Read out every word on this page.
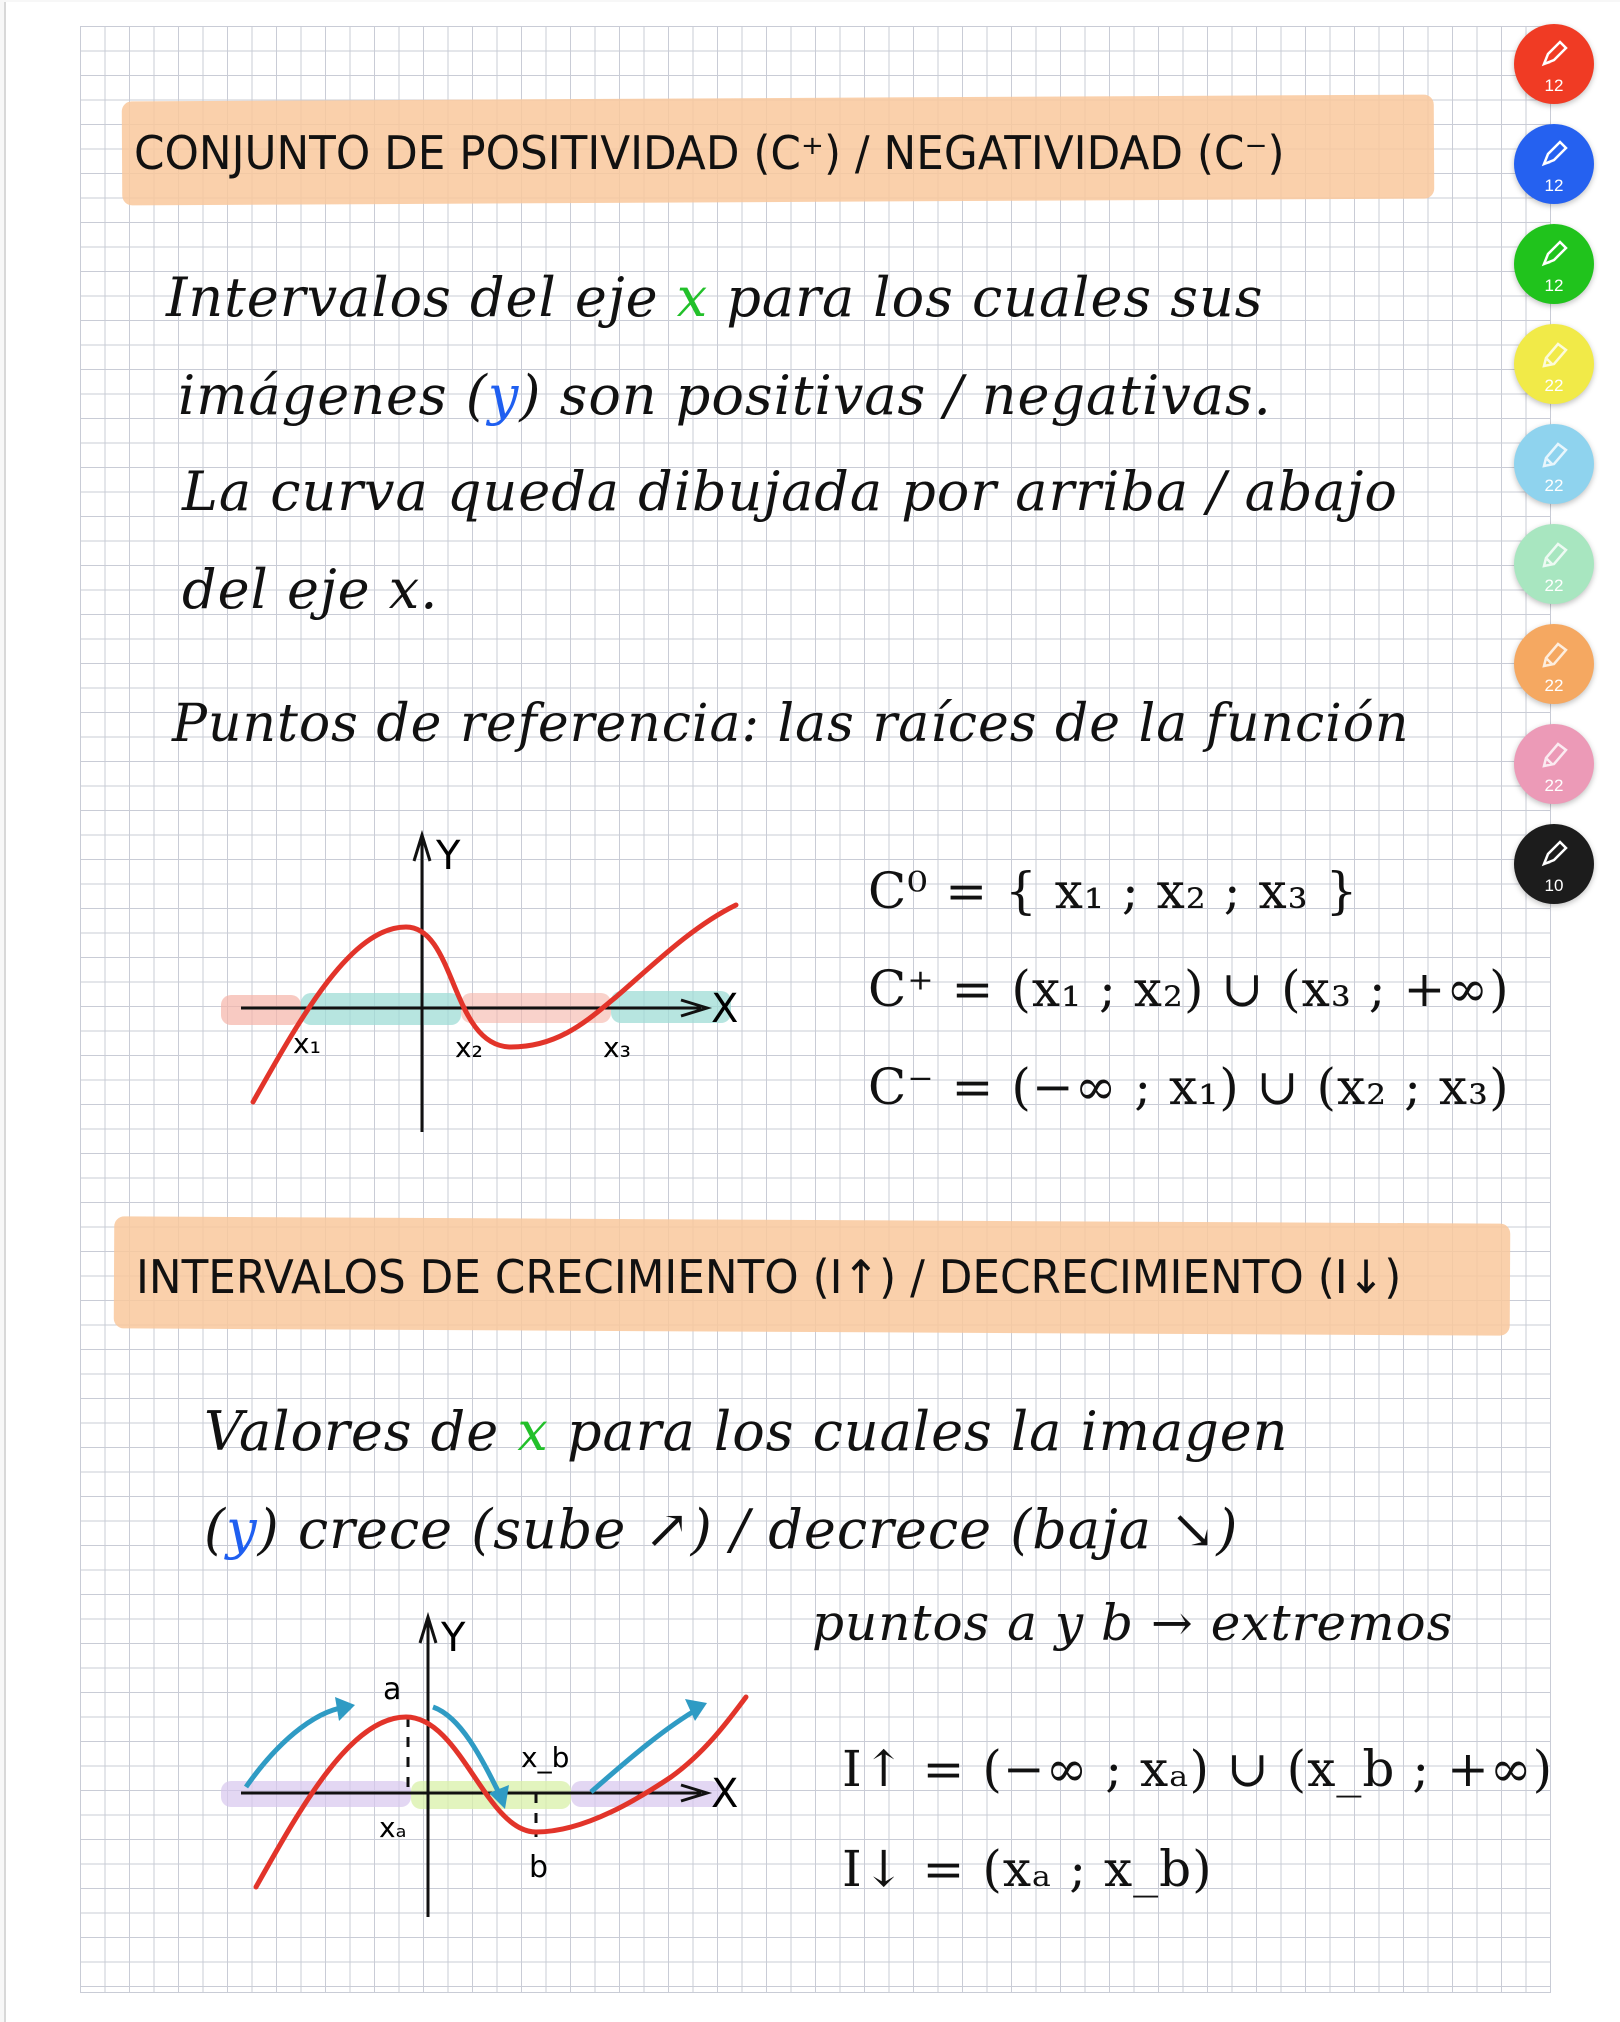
CONJUNTO DE POSITIVIDAD (C⁺) / NEGATIVIDAD (C⁻)
Intervalos del eje x para los cuales sus
imágenes (y) son positivas / negativas.
La curva queda dibujada por arriba / abajo
del eje x.
Puntos de referencia: las raíces de la función
Y
X
x₁	x₂	x₃
C⁰ = { x₁ ; x₂ ; x₃ }
C⁺ = (x₁ ; x₂) ∪ (x₃ ; +∞)
C⁻ = (−∞ ; x₁) ∪ (x₂ ; x₃)
INTERVALOS DE CRECIMIENTO (I↑) / DECRECIMIENTO (I↓)
Valores de x para los cuales la imagen
(y) crece (sube ↗) / decrece (baja ↘)
puntos a y b → extremos
Y
X
a
b
xₐ
x_b	I↑ = (−∞ ; xₐ) ∪ (x_b ; +∞)
I↓ = (xₐ ; x_b)
12
12
12
22
22
22
22
22
10
